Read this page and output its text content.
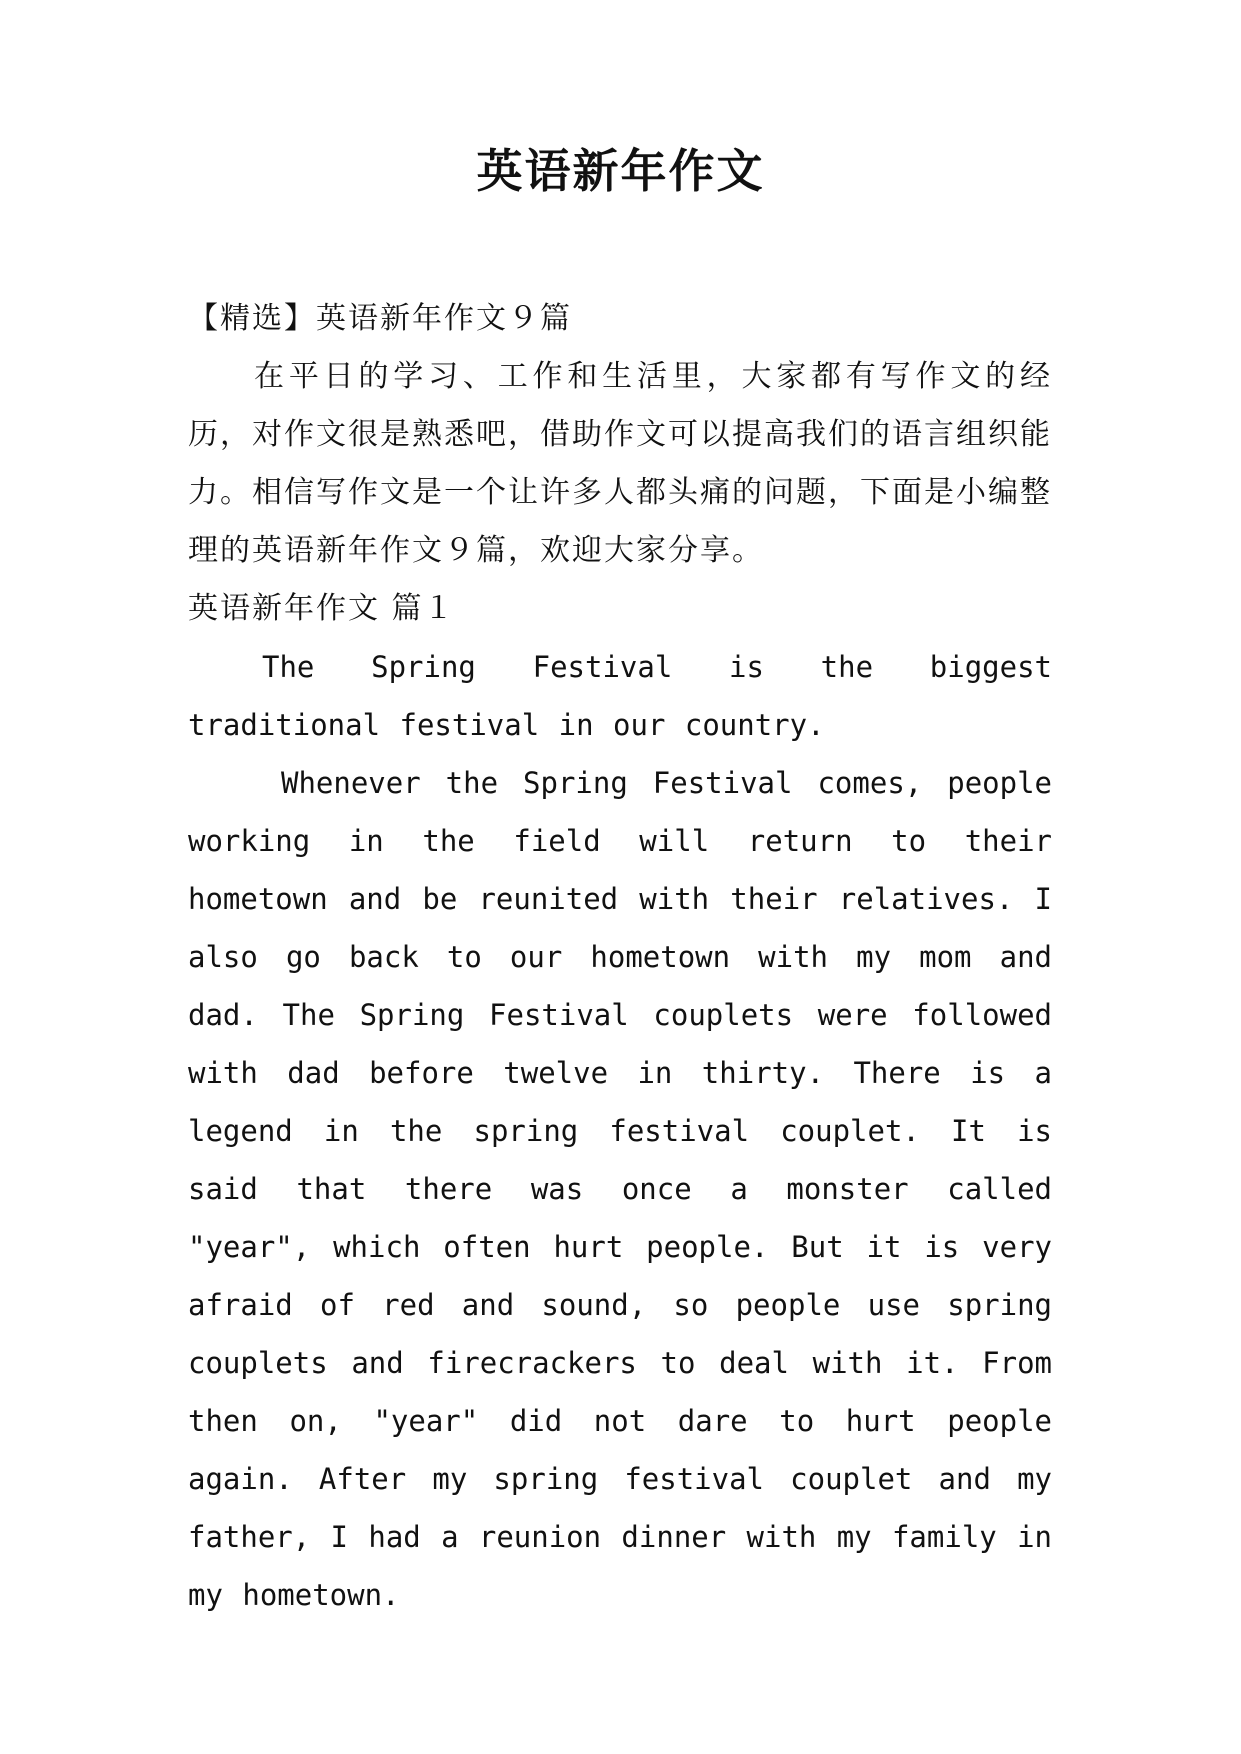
英语新年作文

【精选】英语新年作文９篇

在平日的学习、工作和生活里，大家都有写作文的经历，对作文很是熟悉吧，借助作文可以提高我们的语言组织能力。相信写作文是一个让许多人都头痛的问题，下面是小编整理的英语新年作文９篇，欢迎大家分享。

英语新年作文 篇１

The Spring Festival is the biggest traditional festival in our country.

Whenever the Spring Festival comes, people working in the field will return to their hometown and be reunited with their relatives. I also go back to our hometown with my mom and dad. The Spring Festival couplets were followed with dad before twelve in thirty. There is a legend in the spring festival couplet. It is said that there was once a monster called "year", which often hurt people. But it is very afraid of red and sound, so people use spring couplets and firecrackers to deal with it. From then on, "year" did not dare to hurt people again. After my spring festival couplet and my father, I had a reunion dinner with my family in my hometown.
